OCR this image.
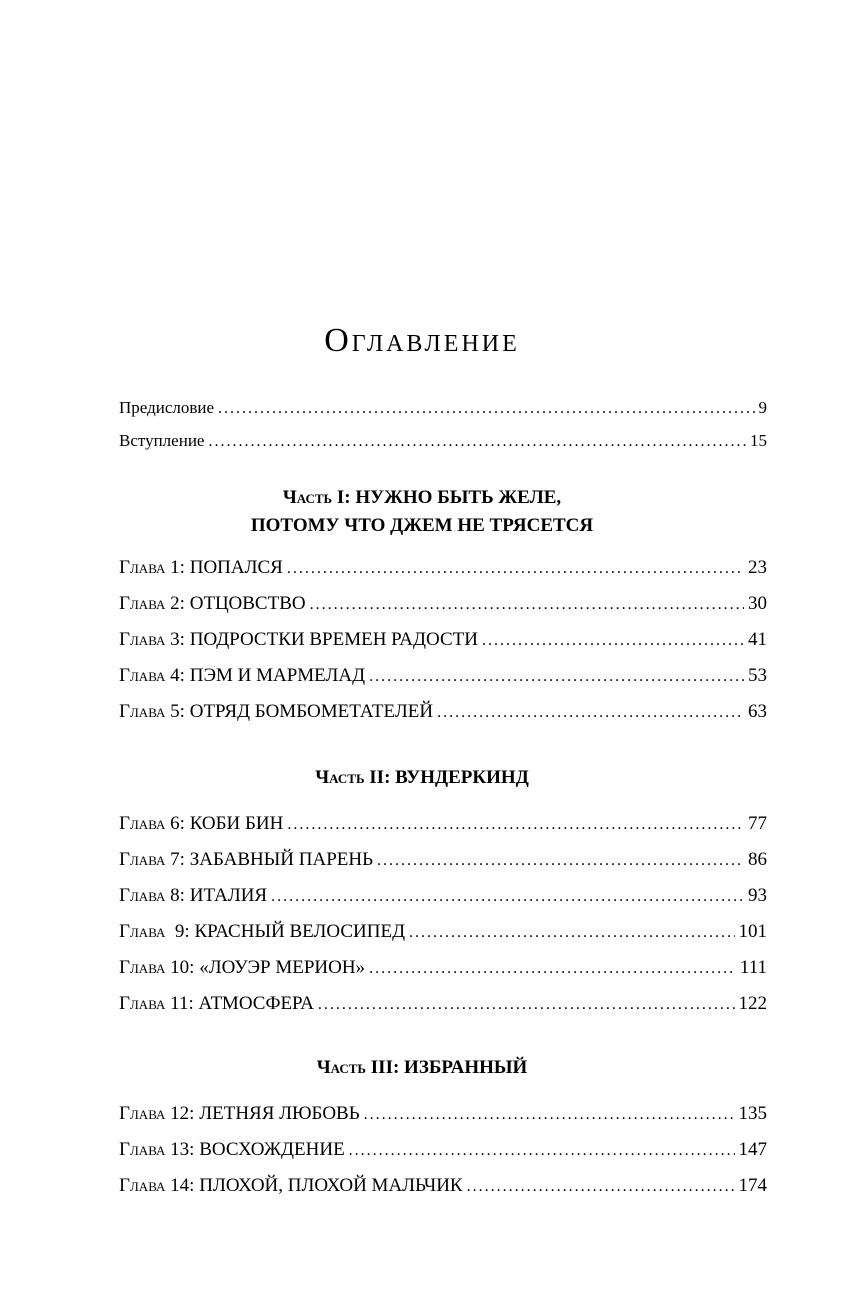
Оглавление
Предисловие .....	9
Вступление .....	15
Часть I: НУЖНО БЫТЬ ЖЕЛЕ,
ПОТОМУ ЧТО ДЖЕМ НЕ ТРЯСЕТСЯ
Глава 1: ПОПАЛСЯ .....	23
Глава 2: ОТЦОВСТВО .....	30
Глава 3: ПОДРОСТКИ ВРЕМЕН РАДОСТИ .....	41
Глава 4: ПЭМ И МАРМЕЛАД .....	53
Глава 5: ОТРЯД БОМБОМЕТАТЕЛЕЙ .....	63
Часть II: ВУНДЕРКИНД
Глава 6: КОБИ БИН .....	77
Глава 7: ЗАБАВНЫЙ ПАРЕНЬ .....	86
Глава 8: ИТАЛИЯ .....	93
Глава  9: КРАСНЫЙ ВЕЛОСИПЕД .....	101
Глава 10: «ЛОУЭР МЕРИОН» .....	111
Глава 11: АТМОСФЕРА .....	122
Часть III: ИЗБРАННЫЙ
Глава 12: ЛЕТНЯЯ ЛЮБОВЬ .....	135
Глава 13: ВОСХОЖДЕНИЕ .....	147
Глава 14: ПЛОХОЙ, ПЛОХОЙ МАЛЬЧИК .....	174
